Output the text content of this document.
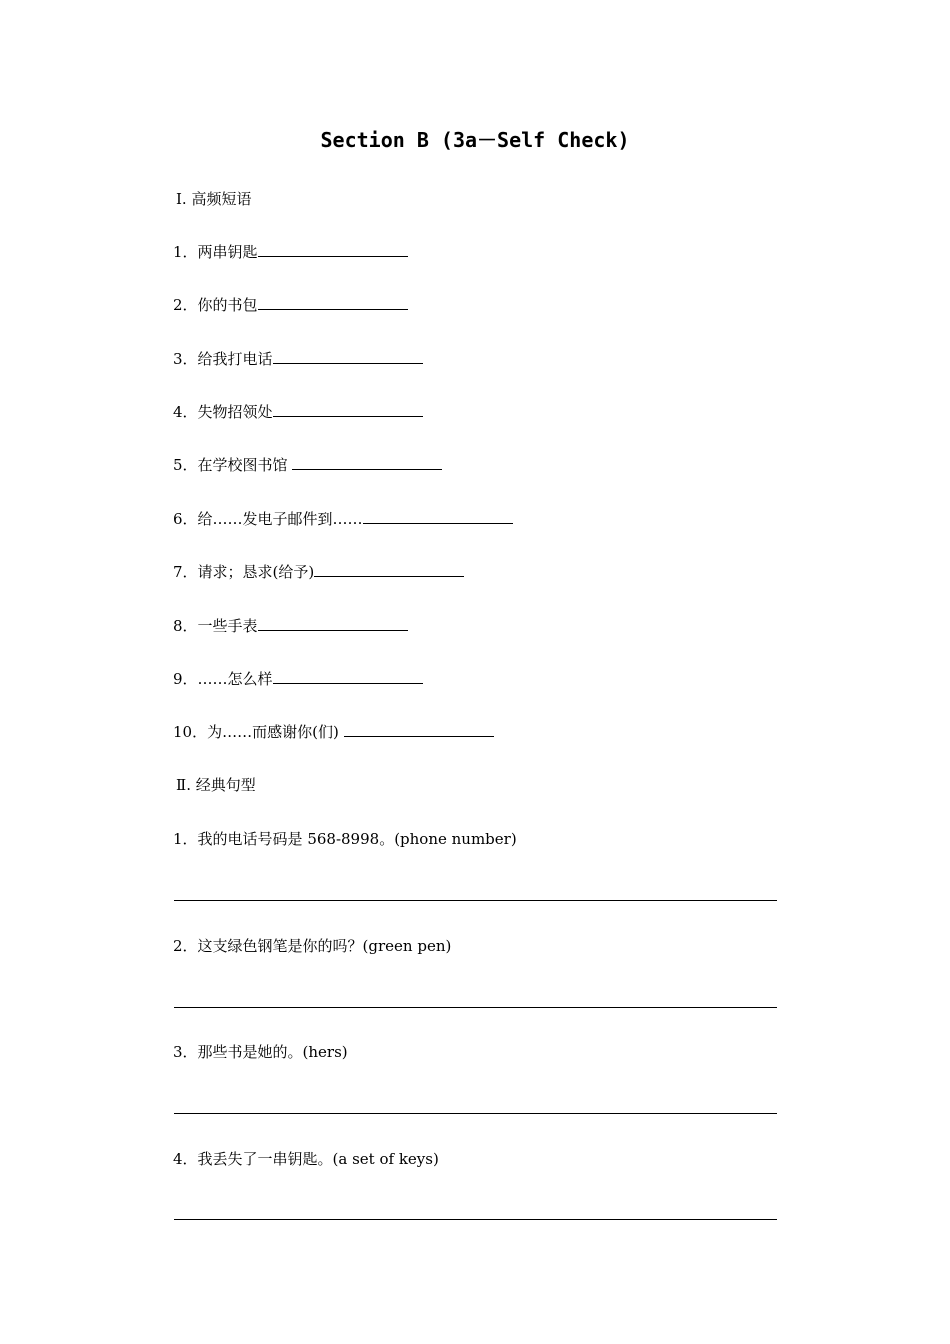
Section B (3a－Self Check)
Ⅰ. 高频短语
1．两串钥匙
2．你的书包
3．给我打电话
4．失物招领处
5．在学校图书馆
6．给……发电子邮件到……
7．请求；恳求(给予)
8．一些手表
9．……怎么样
10．为……而感谢你(们)
Ⅱ. 经典句型
1．我的电话号码是 568-8998。(phone number)
2．这支绿色钢笔是你的吗？(green pen)
3．那些书是她的。(hers)
4．我丢失了一串钥匙。(a set of keys)
